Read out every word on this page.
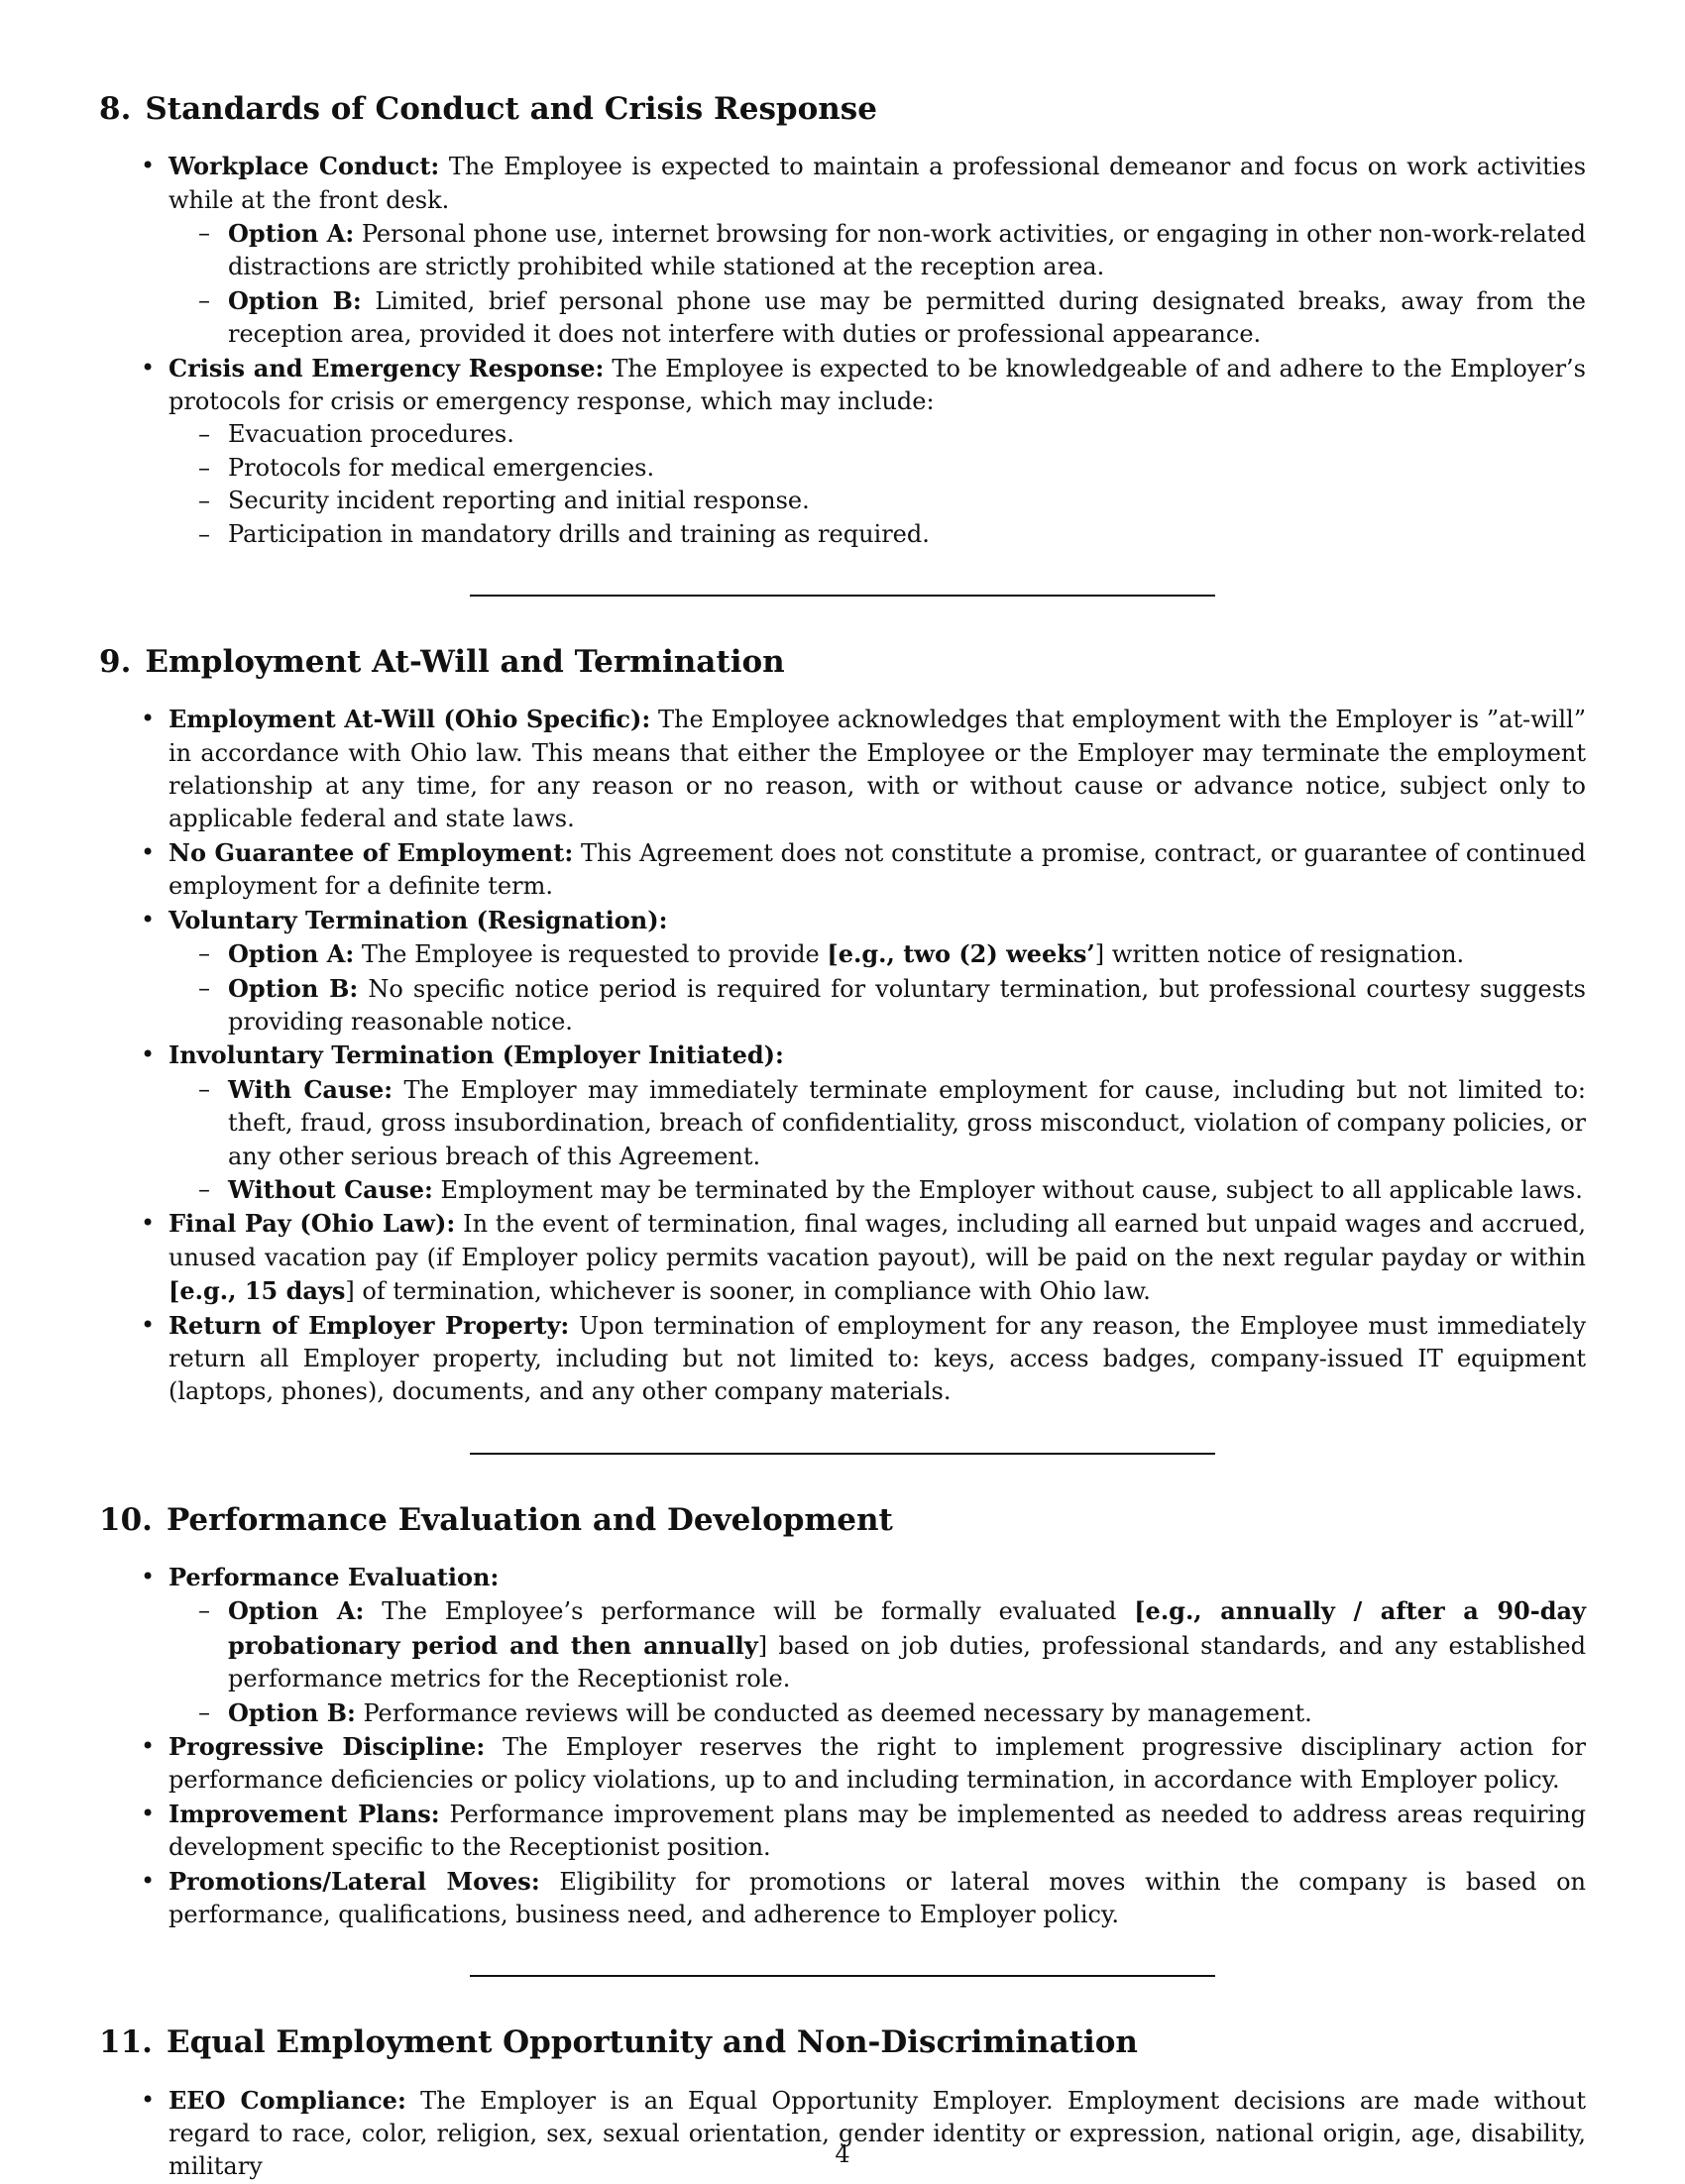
8. Standards of Conduct and Crisis Response
• Workplace Conduct: The Employee is expected to maintain a professional demeanor and focus on work activities while at the front desk.
– Option A: Personal phone use, internet browsing for non-work activities, or engaging in other non-work-related distractions are strictly prohibited while stationed at the reception area.
– Option B: Limited, brief personal phone use may be permitted during designated breaks, away from the reception area, provided it does not interfere with duties or professional appearance.
• Crisis and Emergency Response: The Employee is expected to be knowledgeable of and adhere to the Employer’s protocols for crisis or emergency response, which may include:
– Evacuation procedures.
– Protocols for medical emergencies.
– Security incident reporting and initial response.
– Participation in mandatory drills and training as required.
9. Employment At-Will and Termination
• Employment At-Will (Ohio Specific): The Employee acknowledges that employment with the Employer is ”at-will” in accordance with Ohio law. This means that either the Employee or the Employer may terminate the employment relationship at any time, for any reason or no reason, with or without cause or advance notice, subject only to applicable federal and state laws.
• No Guarantee of Employment: This Agreement does not constitute a promise, contract, or guarantee of continued employment for a definite term.
• Voluntary Termination (Resignation):
– Option A: The Employee is requested to provide [e.g., two (2) weeks’] written notice of resignation.
– Option B: No specific notice period is required for voluntary termination, but professional courtesy suggests providing reasonable notice.
• Involuntary Termination (Employer Initiated):
– With Cause: The Employer may immediately terminate employment for cause, including but not limited to: theft, fraud, gross insubordination, breach of confidentiality, gross misconduct, violation of company policies, or any other serious breach of this Agreement.
– Without Cause: Employment may be terminated by the Employer without cause, subject to all applicable laws.
• Final Pay (Ohio Law): In the event of termination, final wages, including all earned but unpaid wages and accrued, unused vacation pay (if Employer policy permits vacation payout), will be paid on the next regular payday or within [e.g., 15 days] of termination, whichever is sooner, in compliance with Ohio law.
• Return of Employer Property: Upon termination of employment for any reason, the Employee must immediately return all Employer property, including but not limited to: keys, access badges, company-issued IT equipment (laptops, phones), documents, and any other company materials.
10. Performance Evaluation and Development
• Performance Evaluation:
– Option A: The Employee’s performance will be formally evaluated [e.g., annually / after a 90-day probationary period and then annually] based on job duties, professional standards, and any established performance metrics for the Receptionist role.
– Option B: Performance reviews will be conducted as deemed necessary by management.
• Progressive Discipline: The Employer reserves the right to implement progressive disciplinary action for performance deficiencies or policy violations, up to and including termination, in accordance with Employer policy.
• Improvement Plans: Performance improvement plans may be implemented as needed to address areas requiring development specific to the Receptionist position.
• Promotions/Lateral Moves: Eligibility for promotions or lateral moves within the company is based on performance, qualifications, business need, and adherence to Employer policy.
11. Equal Employment Opportunity and Non-Discrimination
• EEO Compliance: The Employer is an Equal Opportunity Employer. Employment decisions are made without regard to race, color, religion, sex, sexual orientation, gender identity or expression, national origin, age, disability, military	4
